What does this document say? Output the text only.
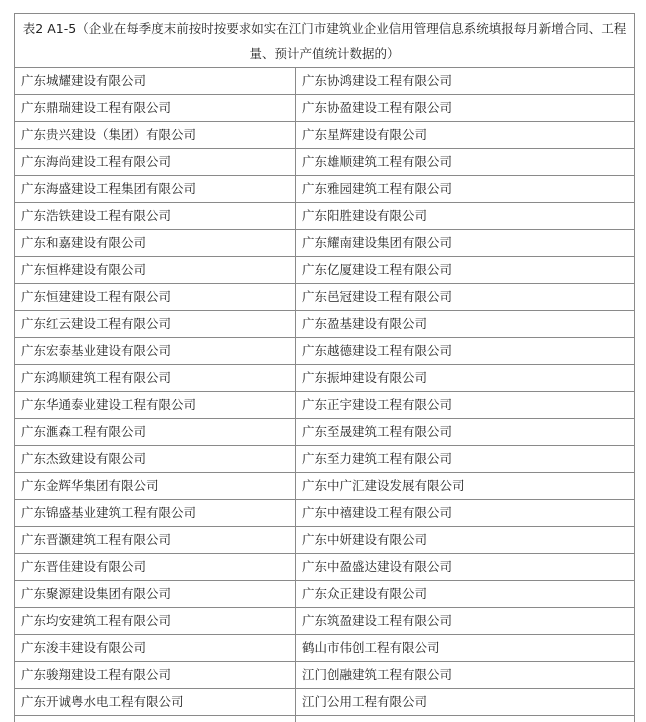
表2 A1-5（企业在每季度末前按时按要求如实在江门市建筑业企业信用管理信息系统填报每月新增合同、工程量、预计产值统计数据的）	
广东城耀建设有限公司	广东协鸿建设工程有限公司
广东鼎瑞建设工程有限公司	广东协盈建设工程有限公司
广东贵兴建设（集团）有限公司	广东星辉建设有限公司
广东海尚建设工程有限公司	广东雄顺建筑工程有限公司
广东海盛建设工程集团有限公司	广东雅园建筑工程有限公司
广东浩铁建设工程有限公司	广东阳胜建设有限公司
广东和嘉建设有限公司	广东耀南建设集团有限公司
广东恒桦建设有限公司	广东亿厦建设工程有限公司
广东恒建建设工程有限公司	广东邑冠建设工程有限公司
广东红云建设工程有限公司	广东盈基建设有限公司
广东宏泰基业建设有限公司	广东越德建设工程有限公司
广东鸿顺建筑工程有限公司	广东振坤建设有限公司
广东华通泰业建设工程有限公司	广东正宇建设工程有限公司
广东滙森工程有限公司	广东至晟建筑工程有限公司
广东杰致建设有限公司	广东至力建筑工程有限公司
广东金辉华集团有限公司	广东中广汇建设发展有限公司
广东锦盛基业建筑工程有限公司	广东中禧建设工程有限公司
广东晋灏建筑工程有限公司	广东中妍建设有限公司
广东晋佳建设有限公司	广东中盈盛达建设有限公司
广东聚源建设集团有限公司	广东众正建设有限公司
广东均安建筑工程有限公司	广东筑盈建设工程有限公司
广东浚丰建设有限公司	鹤山市伟创工程有限公司
广东骏翔建设工程有限公司	江门创融建筑工程有限公司
广东开诚粤水电工程有限公司	江门公用工程有限公司
